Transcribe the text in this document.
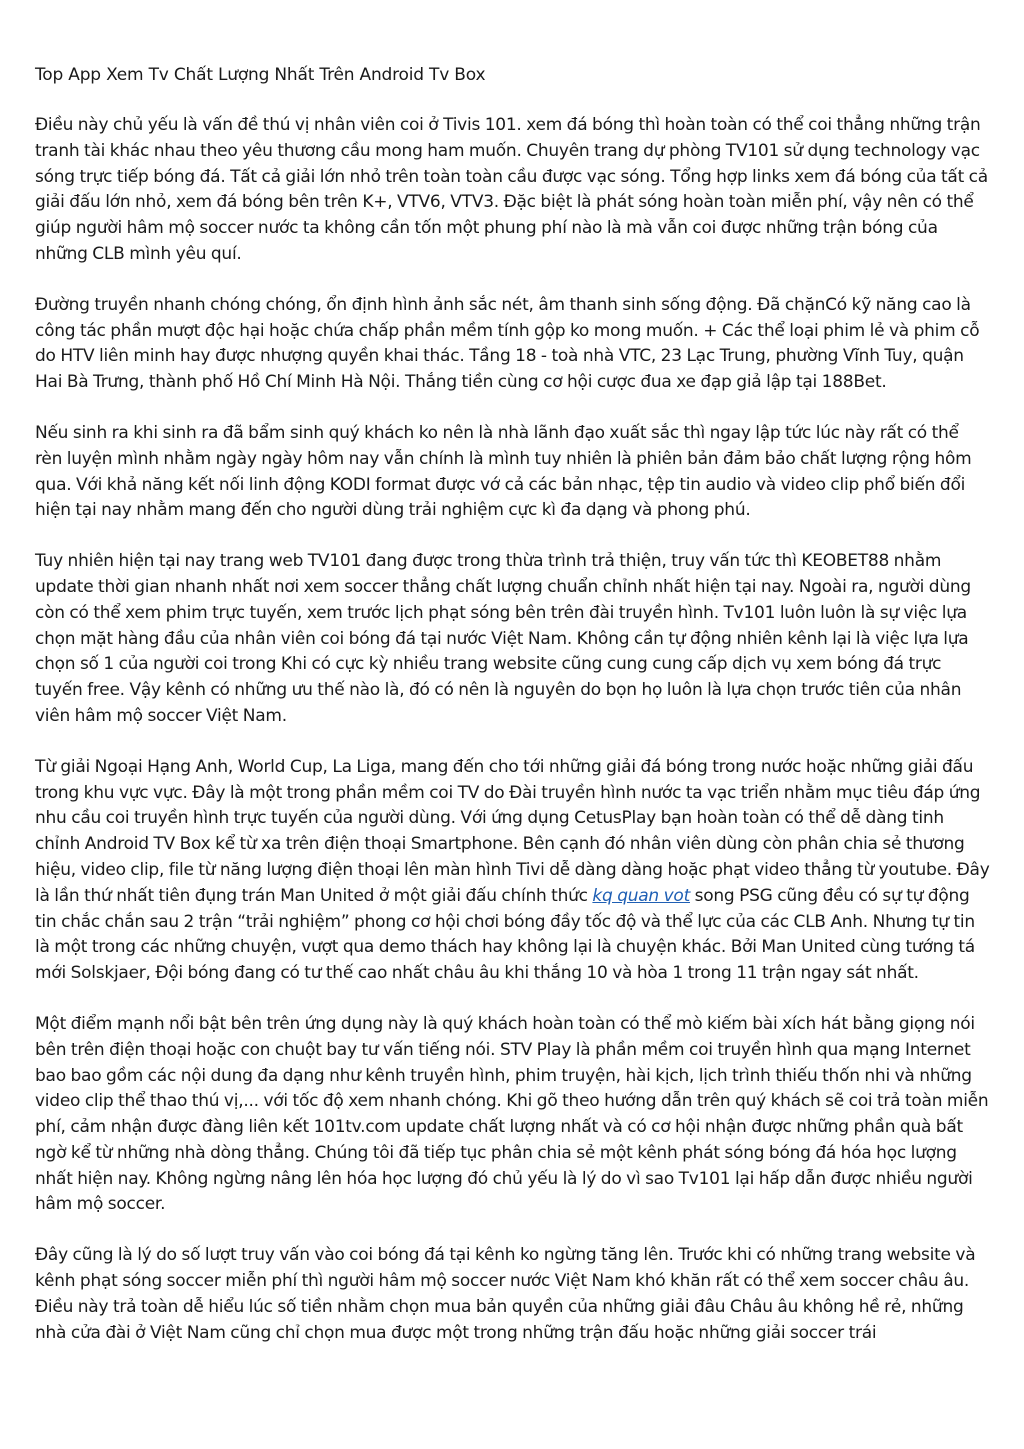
Top App Xem Tv Chất Lượng Nhất Trên Android Tv Box

Điều này chủ yếu là vấn đề thú vị nhân viên coi ở Tivis 101. xem đá bóng thì hoàn toàn có thể coi thẳng những trận tranh tài khác nhau theo yêu thương cầu mong ham muốn. Chuyên trang dự phòng TV101 sử dụng technology vạc sóng trực tiếp bóng đá. Tất cả giải lớn nhỏ trên toàn toàn cầu được vạc sóng. Tổng hợp links xem đá bóng của tất cả giải đấu lớn nhỏ, xem đá bóng bên trên K+, VTV6, VTV3. Đặc biệt là phát sóng hoàn toàn miễn phí, vậy nên có thể giúp người hâm mộ soccer nước ta không cần tốn một phung phí nào là mà vẫn coi được những trận bóng của những CLB mình yêu quí.

Đường truyền nhanh chóng chóng, ổn định hình ảnh sắc nét, âm thanh sinh sống động. Đã chặnCó kỹ năng cao là công tác phần mượt độc hại hoặc chứa chấp phần mềm tính gộp ko mong muốn. + Các thể loại phim lẻ và phim cỗ do HTV liên minh hay được nhượng quyền khai thác. Tầng 18 - toà nhà VTC, 23 Lạc Trung, phường Vĩnh Tuy, quận Hai Bà Trưng, thành phố Hồ Chí Minh Hà Nội. Thắng tiền cùng cơ hội cược đua xe đạp giả lập tại 188Bet.

Nếu sinh ra khi sinh ra đã bẩm sinh quý khách ko nên là nhà lãnh đạo xuất sắc thì ngay lập tức lúc này rất có thể rèn luyện mình nhằm ngày ngày hôm nay vẫn chính là mình tuy nhiên là phiên bản đảm bảo chất lượng rộng hôm qua. Với khả năng kết nối linh động KODI format được vớ cả các bản nhạc, tệp tin audio và video clip phổ biến đổi hiện tại nay nhằm mang đến cho người dùng trải nghiệm cực kì đa dạng và phong phú.

Tuy nhiên hiện tại nay trang web TV101 đang được trong thừa trình trả thiện, truy vấn tức thì KEOBET88 nhằm update thời gian nhanh nhất nơi xem soccer thẳng chất lượng chuẩn chỉnh nhất hiện tại nay. Ngoài ra, người dùng còn có thể xem phim trực tuyến, xem trước lịch phạt sóng bên trên đài truyền hình. Tv101 luôn luôn là sự việc lựa chọn mặt hàng đầu của nhân viên coi bóng đá tại nước Việt Nam. Không cần tự động nhiên kênh lại là việc lựa lựa chọn số 1 của người coi trong Khi có cực kỳ nhiều trang website cũng cung cung cấp dịch vụ xem bóng đá trực tuyến free. Vậy kênh có những ưu thế nào là, đó có nên là nguyên do bọn họ luôn là lựa chọn trước tiên của nhân viên hâm mộ soccer Việt Nam.

Từ giải Ngoại Hạng Anh, World Cup, La Liga, mang đến cho tới những giải đá bóng trong nước hoặc những giải đấu trong khu vực vực. Đây là một trong phần mềm coi TV do Đài truyền hình nước ta vạc triển nhằm mục tiêu đáp ứng nhu cầu coi truyền hình trực tuyến của người dùng. Với ứng dụng CetusPlay bạn hoàn toàn có thể dễ dàng tinh chỉnh Android TV Box kể từ xa trên điện thoại Smartphone. Bên cạnh đó nhân viên dùng còn phân chia sẻ thương hiệu, video clip, file từ năng lượng điện thoại lên màn hình Tivi dễ dàng dàng hoặc phạt video thẳng từ youtube. Đây là lần thứ nhất tiên đụng trán Man United ở một giải đấu chính thức kq quan vot song PSG cũng đều có sự tự động tin chắc chắn sau 2 trận “trải nghiệm” phong cơ hội chơi bóng đầy tốc độ và thể lực của các CLB Anh. Nhưng tự tin là một trong các những chuyện, vượt qua demo thách hay không lại là chuyện khác. Bởi Man United cùng tướng tá mới Solskjaer, Đội bóng đang có tư thế cao nhất châu âu khi thắng 10 và hòa 1 trong 11 trận ngay sát nhất.

Một điểm mạnh nổi bật bên trên ứng dụng này là quý khách hoàn toàn có thể mò kiếm bài xích hát bằng giọng nói bên trên điện thoại hoặc con chuột bay tư vấn tiếng nói. STV Play là phần mềm coi truyền hình qua mạng Internet bao bao gồm các nội dung đa dạng như kênh truyền hình, phim truyện, hài kịch, lịch trình thiếu thốn nhi và những video clip thể thao thú vị,... với tốc độ xem nhanh chóng. Khi gõ theo hướng dẫn trên quý khách sẽ coi trả toàn miễn phí, cảm nhận được đàng liên kết 101tv.com update chất lượng nhất và có cơ hội nhận được những phần quà bất ngờ kể từ những nhà dòng thẳng. Chúng tôi đã tiếp tục phân chia sẻ một kênh phát sóng bóng đá hóa học lượng nhất hiện nay. Không ngừng nâng lên hóa học lượng đó chủ yếu là lý do vì sao Tv101 lại hấp dẫn được nhiều người hâm mộ soccer.

Đây cũng là lý do số lượt truy vấn vào coi bóng đá tại kênh ko ngừng tăng lên. Trước khi có những trang website và kênh phạt sóng soccer miễn phí thì người hâm mộ soccer nước Việt Nam khó khăn rất có thể xem soccer châu âu. Điều này trả toàn dễ hiểu lúc số tiền nhằm chọn mua bản quyền của những giải đâu Châu âu không hề rẻ, những nhà cửa đài ở Việt Nam cũng chỉ chọn mua được một trong những trận đấu hoặc những giải soccer trái
